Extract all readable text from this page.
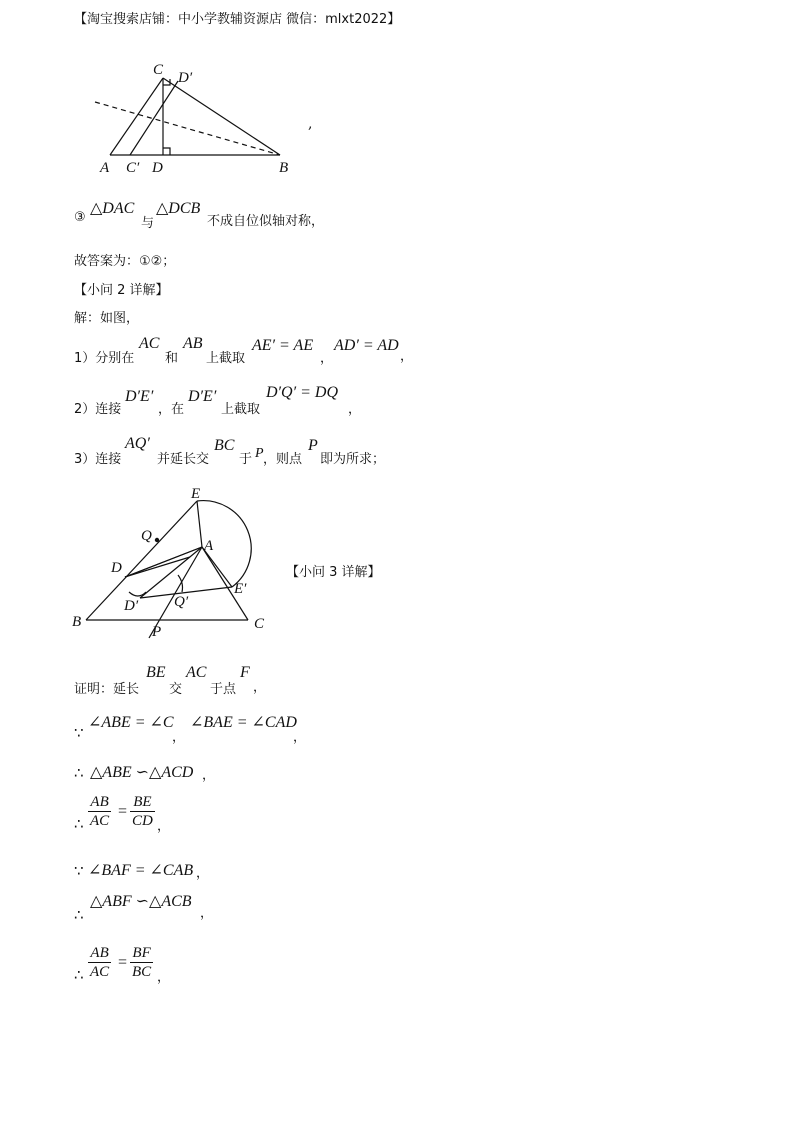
【淘宝搜索店铺：中小学教辅资源店 微信：mlxt2022】
C D′
A C′ D	B
,
③
△DAC
与
△DCB
不成自位似轴对称，
故答案为：①②；
【小问 2 详解】
解：如图，
1）分别在
AC
和
AB
上截取
AE′ = AE
，
AD′ = AD
，
2）连接
D′E′
，在
D′E′
上截取
D′Q′ = DQ
，
3）连接
AQ′
并延长交
BC
于 P ，则点
P
即为所求；
E
Q
A
D
E′
D′ Q′
B	C
P
【小问 3 详解】
证明：延长
BE
交
AC
于点
F
，
∵
∠ABE = ∠C
，
∠BAE = ∠CAD
，
∴ △ABE ∽△ACD ，
∴ $\frac{AB}{AC} = \frac{BE}{CD}$ ，
∵ ∠BAF = ∠CAB ，
∴
△ABF ∽△ACB
，
∴ $\frac{AB}{AC} = \frac{BF}{BC}$ ，
